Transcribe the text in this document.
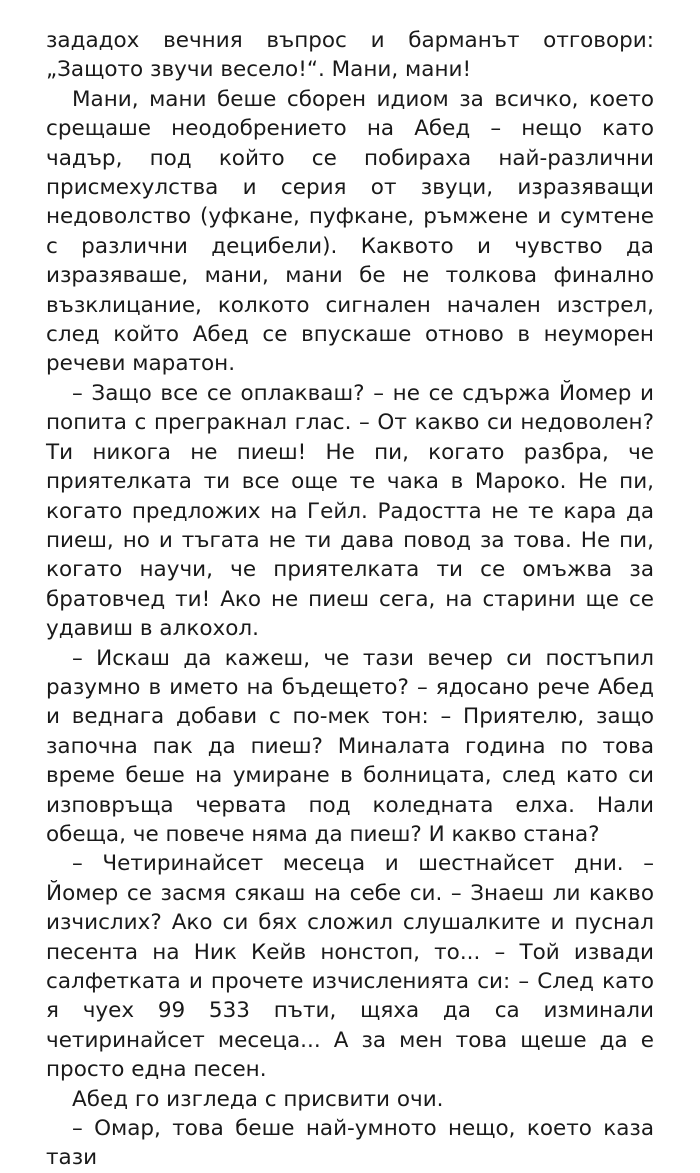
зададох вечния въпрос и барманът отговори: „Защото звучи весело!“. Мани, мани!

Мани, мани беше сборен идиом за всичко, което срещаше неодобрението на Абед – нещо като чадър, под който се побираха най-различни присмехулства и серия от звуци, изразяващи недоволство (уфкане, пуфкане, ръмжене и сумтене с различни децибели). Каквото и чувство да изразяваше, мани, мани бе не толкова финално възклицание, колкото сигнален начален изстрел, след който Абед се впускаше отново в неуморен речеви маратон.

– Защо все се оплакваш? – не се сдържа Йомер и попита с прегракнал глас. – От какво си недоволен? Ти никога не пиеш! Не пи, когато разбра, че приятелката ти все още те чака в Мароко. Не пи, когато предложих на Гейл. Радостта не те кара да пиеш, но и тъгата не ти дава повод за това. Не пи, когато научи, че приятелката ти се омъжва за братовчед ти! Ако не пиеш сега, на старини ще се удавиш в алкохол.

– Искаш да кажеш, че тази вечер си постъпил разумно в името на бъдещето? – ядосано рече Абед и веднага добави с по-мек тон: – Приятелю, защо започна пак да пиеш? Миналата година по това време беше на умиране в болницата, след като си изповръща червата под коледната елха. Нали обеща, че повече няма да пиеш? И какво стана?

– Четиринайсет месеца и шестнайсет дни. – Йомер се засмя сякаш на себе си. – Знаеш ли какво изчислих? Ако си бях сложил слушалките и пуснал песента на Ник Кейв нонстоп, то... – Той извади салфетката и прочете изчисленията си: – След като я чуех 99 533 пъти, щяха да са изминали четиринайсет месеца... А за мен това щеше да е просто една песен.

Абед го изгледа с присвити очи.

– Омар, това беше най-умното нещо, което каза тази
